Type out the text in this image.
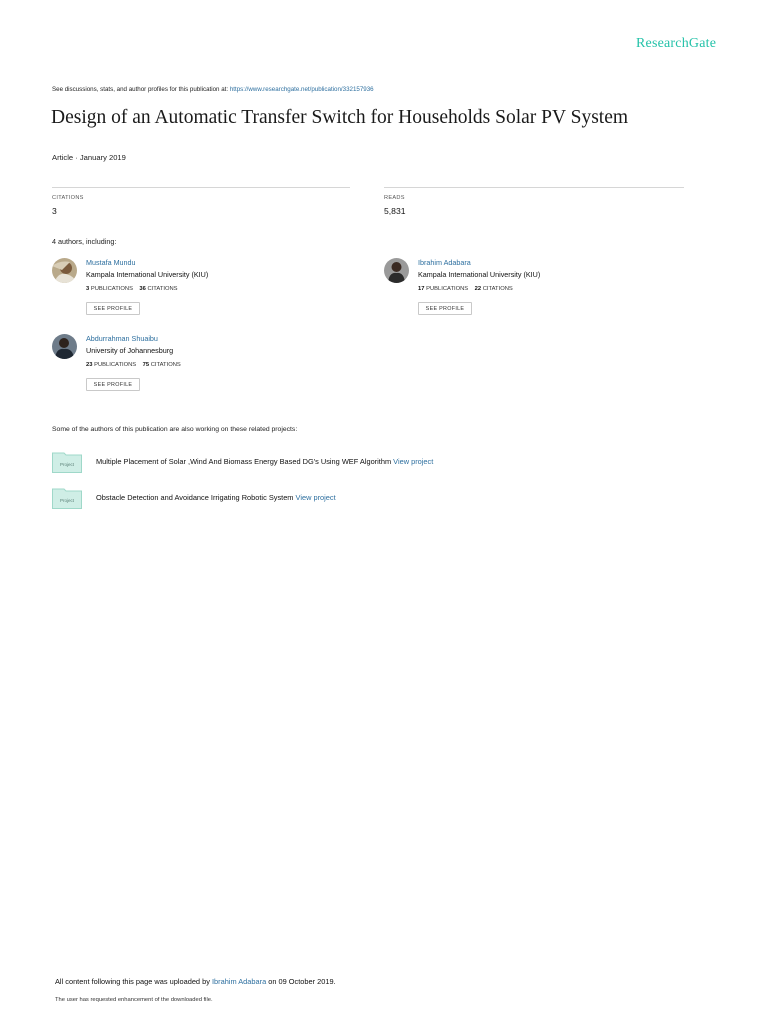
ResearchGate
See discussions, stats, and author profiles for this publication at: https://www.researchgate.net/publication/332157936
Design of an Automatic Transfer Switch for Households Solar PV System
Article · January 2019
CITATIONS
3
READS
5,831
4 authors, including:
Mustafa Mundu
Kampala International University (KIU)
3 PUBLICATIONS 36 CITATIONS
SEE PROFILE
Ibrahim Adabara
Kampala International University (KIU)
17 PUBLICATIONS 22 CITATIONS
SEE PROFILE
Abdurrahman Shuaibu
University of Johannesburg
23 PUBLICATIONS 75 CITATIONS
SEE PROFILE
Some of the authors of this publication are also working on these related projects:
Project	Multiple Placement of Solar ,Wind And Biomass Energy Based DG's Using WEF Algorithm View project
Project	Obstacle Detection and Avoidance Irrigating Robotic System View project
All content following this page was uploaded by Ibrahim Adabara on 09 October 2019.
The user has requested enhancement of the downloaded file.
